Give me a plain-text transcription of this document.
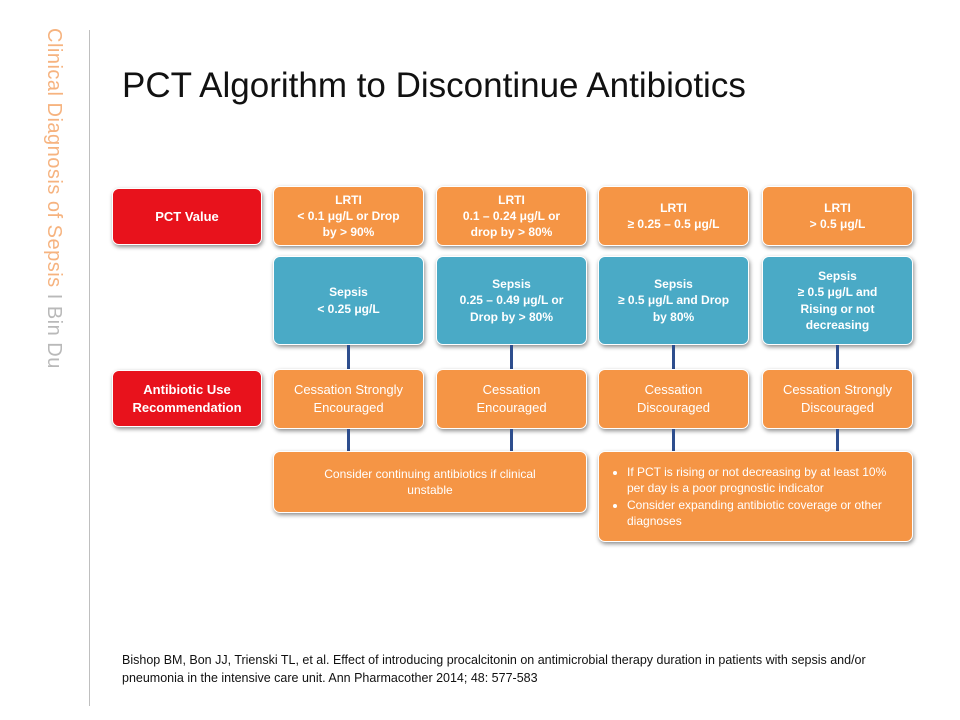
Clinical Diagnosis of Sepsis I Bin Du
PCT Algorithm to Discontinue Antibiotics
PCT Value
Antibiotic Use
Recommendation
LRTI
< 0.1 μg/L or Drop
by > 90%
LRTI
0.1 – 0.24 μg/L or
drop by > 80%
LRTI
≥ 0.25 – 0.5 μg/L
LRTI
> 0.5 μg/L
Sepsis
< 0.25 μg/L
Sepsis
0.25 – 0.49 μg/L or
Drop by > 80%
Sepsis
≥ 0.5 μg/L and Drop
by 80%
Sepsis
≥ 0.5 μg/L and
Rising or not
decreasing
Cessation Strongly
Encouraged
Cessation
Encouraged
Cessation
Discouraged
Cessation Strongly
Discouraged
Consider continuing antibiotics if clinical
unstable
• If PCT is rising or not decreasing by at least 10% per day is a poor prognostic indicator
• Consider expanding antibiotic coverage or other diagnoses
Bishop BM, Bon JJ, Trienski TL, et al. Effect of introducing procalcitonin on antimicrobial therapy duration in patients with sepsis and/or pneumonia in the intensive care unit. Ann Pharmacother 2014; 48: 577-583
